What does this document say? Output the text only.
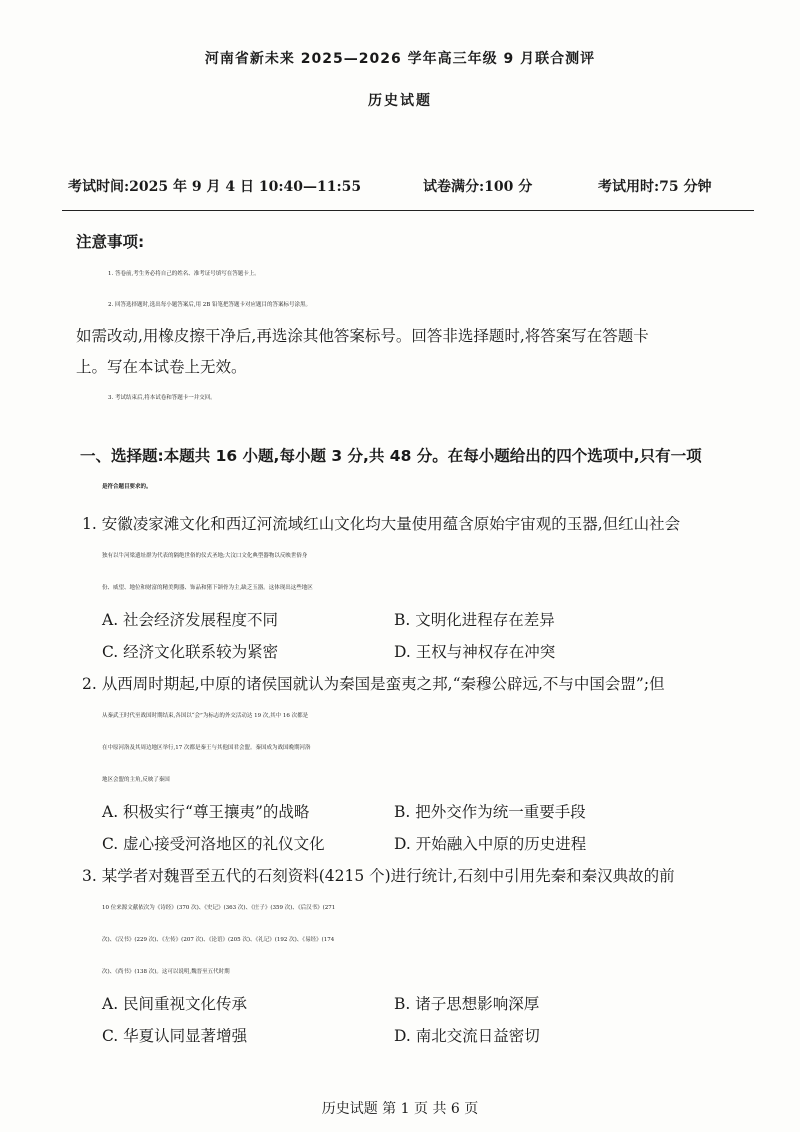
河南省新未来 2025—2026 学年高三年级 9 月联合测评
历史试题
考试时间:2025 年 9 月 4 日 10:40—11:55	试卷满分:100 分	考试用时:75 分钟
注意事项:
1. 答卷前,考生务必将自己的姓名、准考证号填写在答题卡上。
2. 回答选择题时,选出每小题答案后,用 2B 铅笔把答题卡对应题目的答案标号涂黑。
如需改动,用橡皮擦干净后,再选涂其他答案标号。回答非选择题时,将答案写在答题卡
上。写在本试卷上无效。
3. 考试结束后,将本试卷和答题卡一并交回。
一、选择题:本题共 16 小题,每小题 3 分,共 48 分。在每小题给出的四个选项中,只有一项
是符合题目要求的。
1. 安徽凌家滩文化和西辽河流域红山文化均大量使用蕴含原始宇宙观的玉器,但红山社会
独有以牛河梁遗址群为代表的隔绝世俗的仪式圣地;大汶口文化典型器物以反映世俗身
份、威望、地位和财富的精美陶器、饰品和猪下颌骨为主,缺乏玉器。这体现出这些地区
A. 社会经济发展程度不同	B. 文明化进程存在差异
C. 经济文化联系较为紧密	D. 王权与神权存在冲突
2. 从西周时期起,中原的诸侯国就认为秦国是蛮夷之邦,“秦穆公辟远,不与中国会盟”;但
从秦武王时代至战国时期结束,各国以“会”为标志的外交活动达 19 次,其中 16 次都是
在中原河洛及其周边地区举行,17 次都是秦王与其他国君会盟。秦国成为战国晚期河洛
地区会盟的主角,反映了秦国
A. 积极实行“尊王攘夷”的战略	B. 把外交作为统一重要手段
C. 虚心接受河洛地区的礼仪文化	D. 开始融入中原的历史进程
3. 某学者对魏晋至五代的石刻资料(4215 个)进行统计,石刻中引用先秦和秦汉典故的前
10 位来源文献依次为《诗经》(370 次)、《史记》(363 次)、《庄子》(359 次)、《后汉书》(271
次)、《汉书》(229 次)、《左传》(207 次)、《论语》(205 次)、《礼记》(192 次)、《易经》(174
次)、《尚书》(138 次)。这可以说明,魏晋至五代时期
A. 民间重视文化传承	B. 诸子思想影响深厚
C. 华夏认同显著增强	D. 南北交流日益密切
历史试题 第 1 页 共 6 页
